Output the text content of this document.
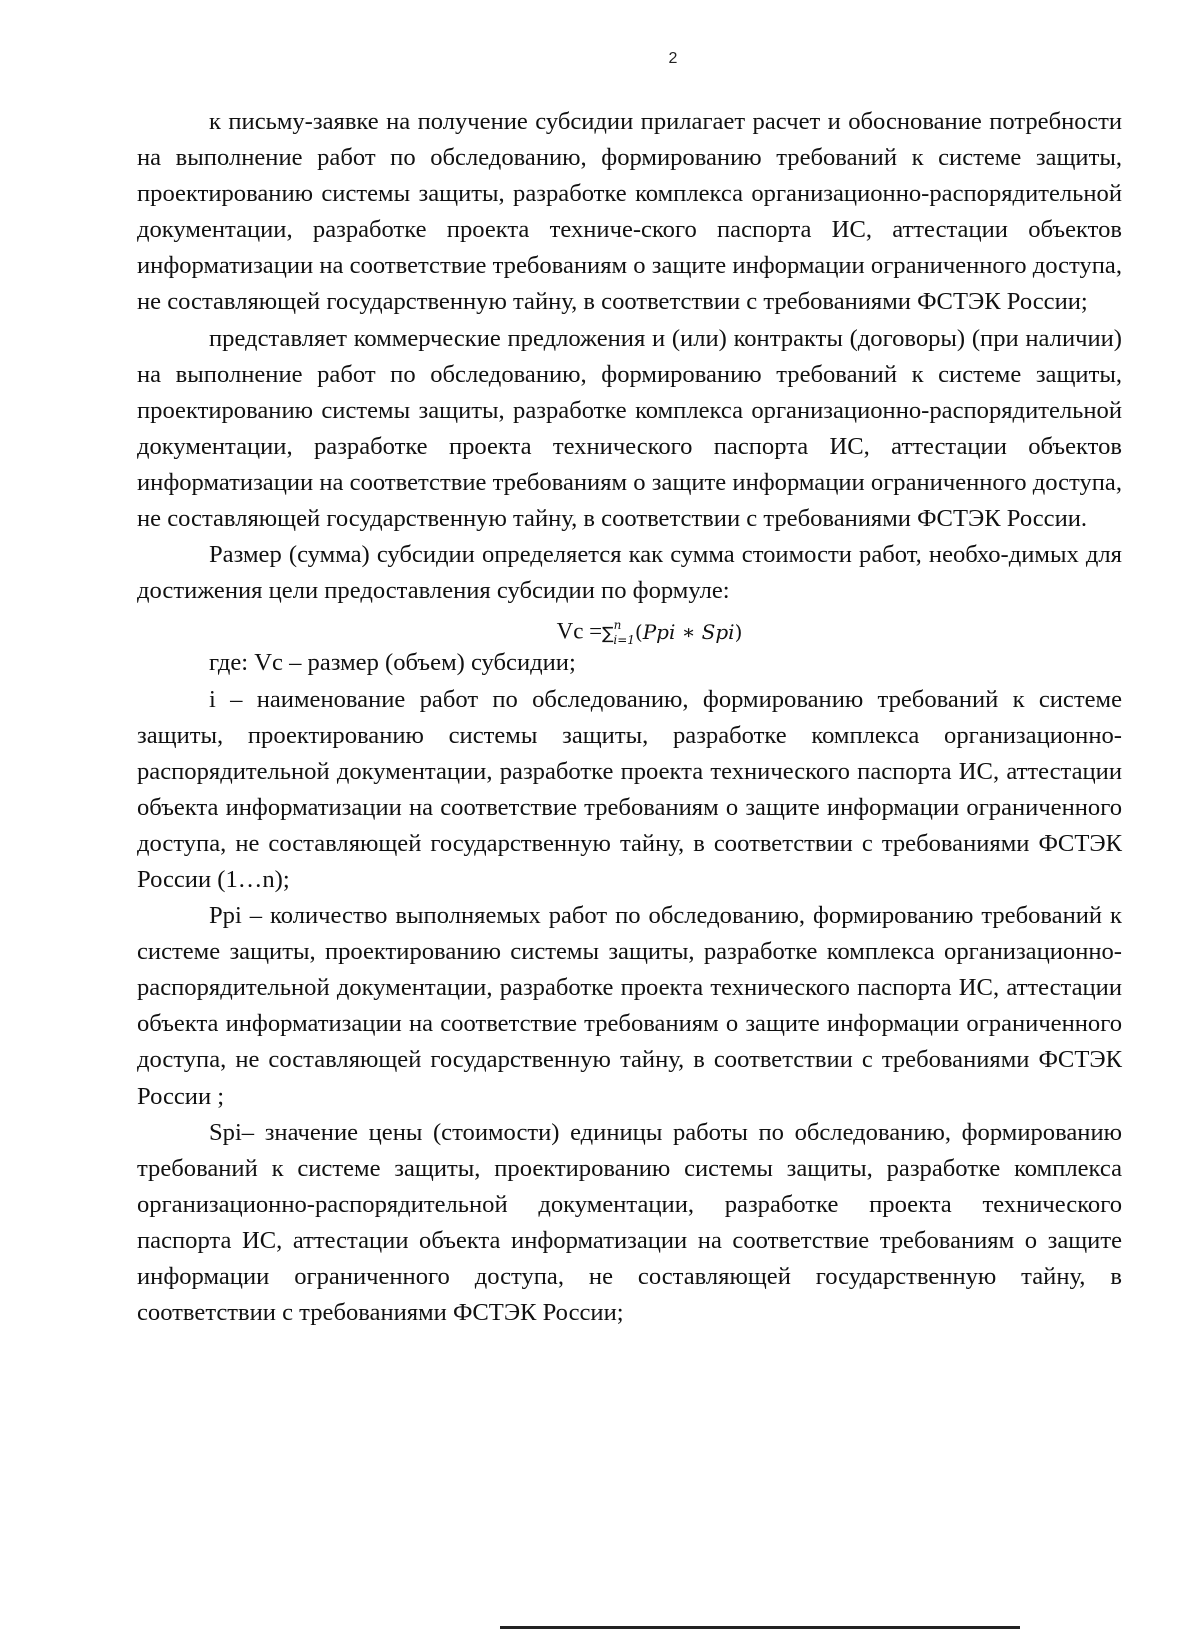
2

к письму-заявке на получение субсидии прилагает расчет и обоснование потребности на выполнение работ по обследованию, формированию требований к системе защиты, проектированию системы защиты, разработке комплекса организационно-распорядительной документации, разработке проекта техниче-ского паспорта ИС, аттестации объектов информатизации на соответствие требованиям о защите информации ограниченного доступа, не составляющей государственную тайну, в соответствии с требованиями ФСТЭК России;

представляет коммерческие предложения и (или) контракты (договоры) (при наличии) на выполнение работ по обследованию, формированию требований к системе защиты, проектированию системы защиты, разработке комплекса организационно-распорядительной документации, разработке проекта технического паспорта ИС, аттестации объектов информатизации на соответствие требованиям о защите информации ограниченного доступа, не составляющей государственную тайну, в соответствии с требованиями ФСТЭК России.

Размер (сумма) субсидии определяется как сумма стоимости работ, необхо-димых для достижения цели предоставления субсидии по формуле:

Vc =∑$^n_{i=1}$(Ppi ∗ Spi)

где: Vc – размер (объем) субсидии;

i – наименование работ по обследованию, формированию требований к системе защиты, проектированию системы защиты, разработке комплекса организационно-распорядительной документации, разработке проекта технического паспорта ИС, аттестации объекта информатизации на соответствие требованиям о защите информации ограниченного доступа, не составляющей государственную тайну, в соответствии с требованиями ФСТЭК России (1…n);

Ppi – количество выполняемых работ по обследованию, формированию требований к системе защиты, проектированию системы защиты, разработке комплекса организационно-распорядительной документации, разработке проекта технического паспорта ИС, аттестации объекта информатизации на соответствие требованиям о защите информации ограниченного доступа, не составляющей государственную тайну, в соответствии с требованиями ФСТЭК России ;

Spi– значение цены (стоимости) единицы работы по обследованию, формированию требований к системе защиты, проектированию системы защиты, разработке комплекса организационно-распорядительной документации, разработке проекта технического паспорта ИС, аттестации объекта информатизации на соответствие требованиям о защите информации ограниченного доступа, не составляющей государственную тайну, в соответствии с требованиями ФСТЭК России;
